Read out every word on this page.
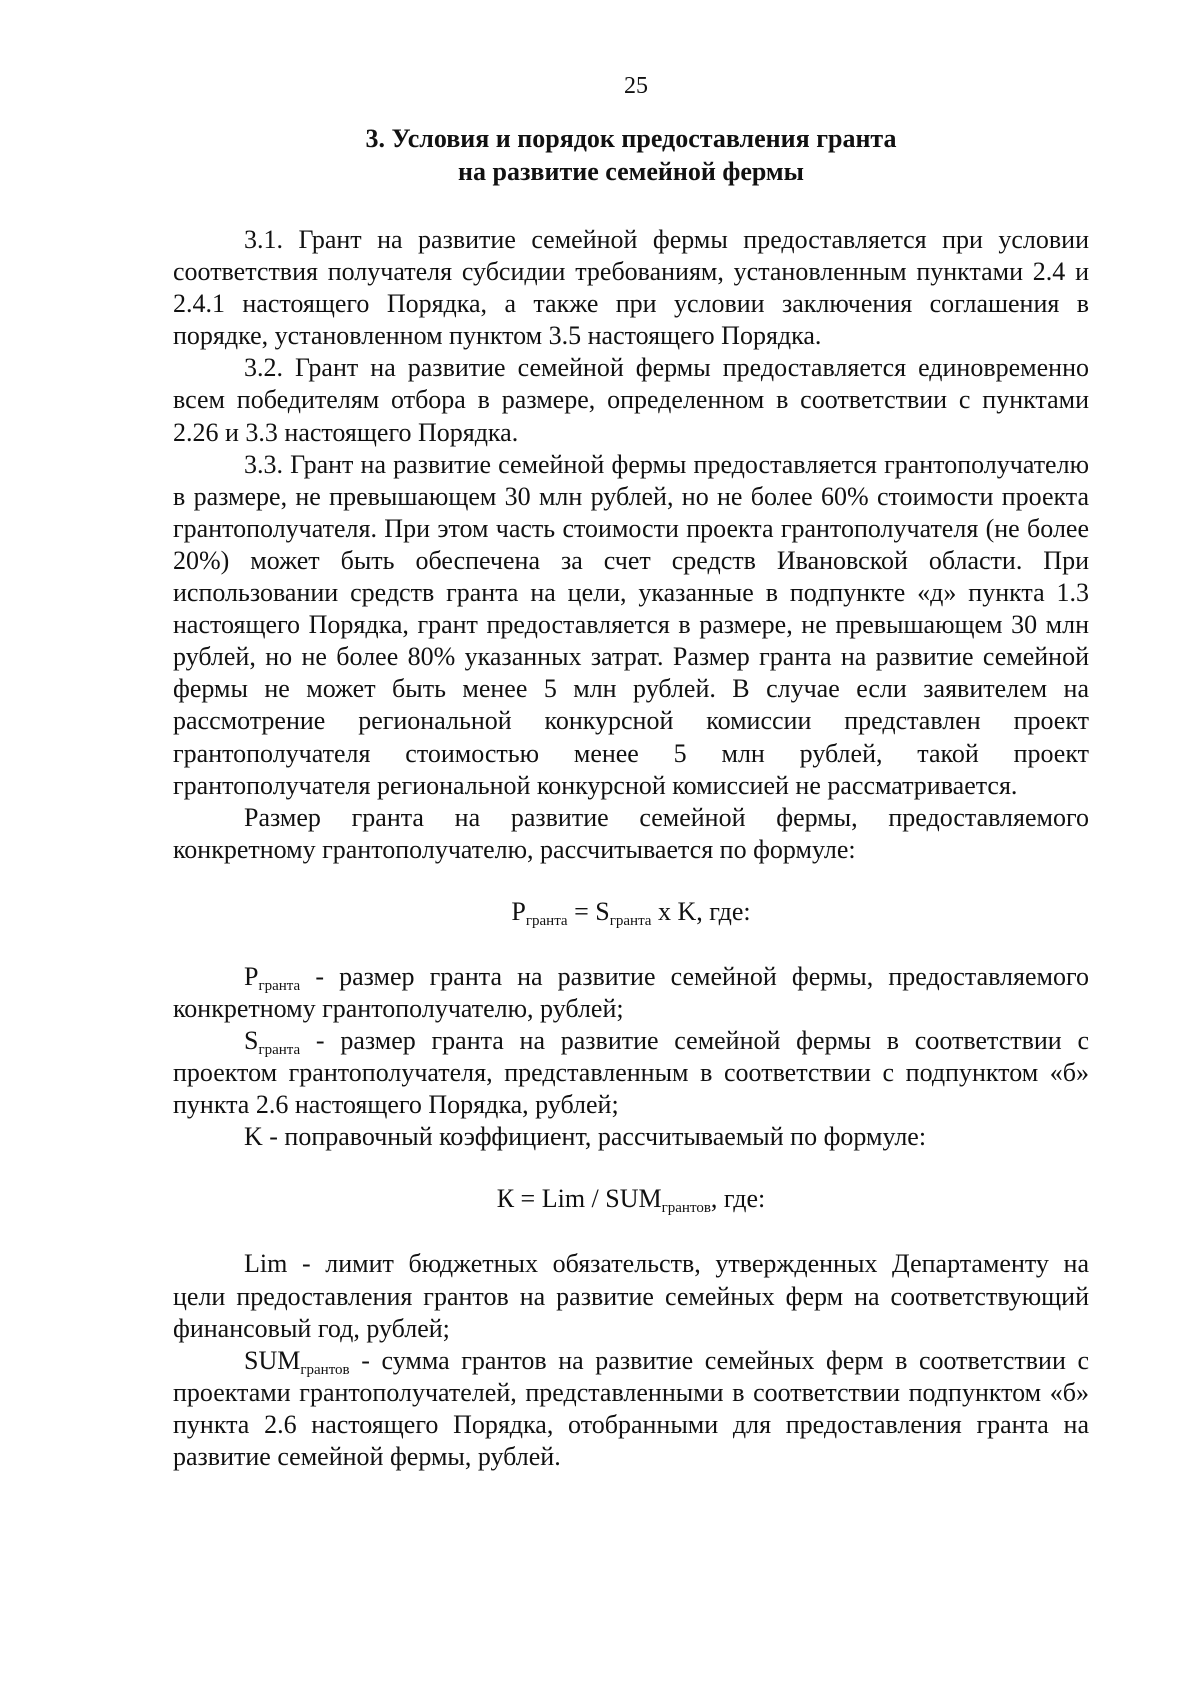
25
3. Условия и порядок предоставления гранта
на развитие семейной фермы

3.1. Грант на развитие семейной фермы предоставляется при условии соответствия получателя субсидии требованиям, установленным пунктами 2.4 и 2.4.1 настоящего Порядка, а также при условии заключения соглашения в порядке, установленном пунктом 3.5 настоящего Порядка.

3.2. Грант на развитие семейной фермы предоставляется единовременно всем победителям отбора в размере, определенном в соответствии с пунктами 2.26 и 3.3 настоящего Порядка.

3.3. Грант на развитие семейной фермы предоставляется грантополучателю в размере, не превышающем 30 млн рублей, но не более 60% стоимости проекта грантополучателя. При этом часть стоимости проекта грантополучателя (не более 20%) может быть обеспечена за счет средств Ивановской области. При использовании средств гранта на цели, указанные в подпункте «д» пункта 1.3 настоящего Порядка, грант предоставляется в размере, не превышающем 30 млн рублей, но не более 80% указанных затрат. Размер гранта на развитие семейной фермы не может быть менее 5 млн рублей. В случае если заявителем на рассмотрение региональной конкурсной комиссии представлен проект грантополучателя стоимостью менее 5 млн рублей, такой проект грантополучателя региональной конкурсной комиссией не рассматривается.

Размер гранта на развитие семейной фермы, предоставляемого конкретному грантополучателю, рассчитывается по формуле:

$P_{гранта} = S_{гранта}$ х K, где:

$P_{гранта}$ - размер гранта на развитие семейной фермы, предоставляемого конкретному грантополучателю, рублей;

$S_{гранта}$ - размер гранта на развитие семейной фермы в соответствии с проектом грантополучателя, представленным в соответствии с подпунктом «б» пункта 2.6 настоящего Порядка, рублей;

K - поправочный коэффициент, рассчитываемый по формуле:

К = Lim / $SUM_{грантов}$, где:

Lim - лимит бюджетных обязательств, утвержденных Департаменту на цели предоставления грантов на развитие семейных ферм на соответствующий финансовый год, рублей;

$SUM_{грантов}$ - сумма грантов на развитие семейных ферм в соответствии с проектами грантополучателей, представленными в соответствии подпунктом «б» пункта 2.6 настоящего Порядка, отобранными для предоставления гранта на развитие семейной фермы, рублей.
